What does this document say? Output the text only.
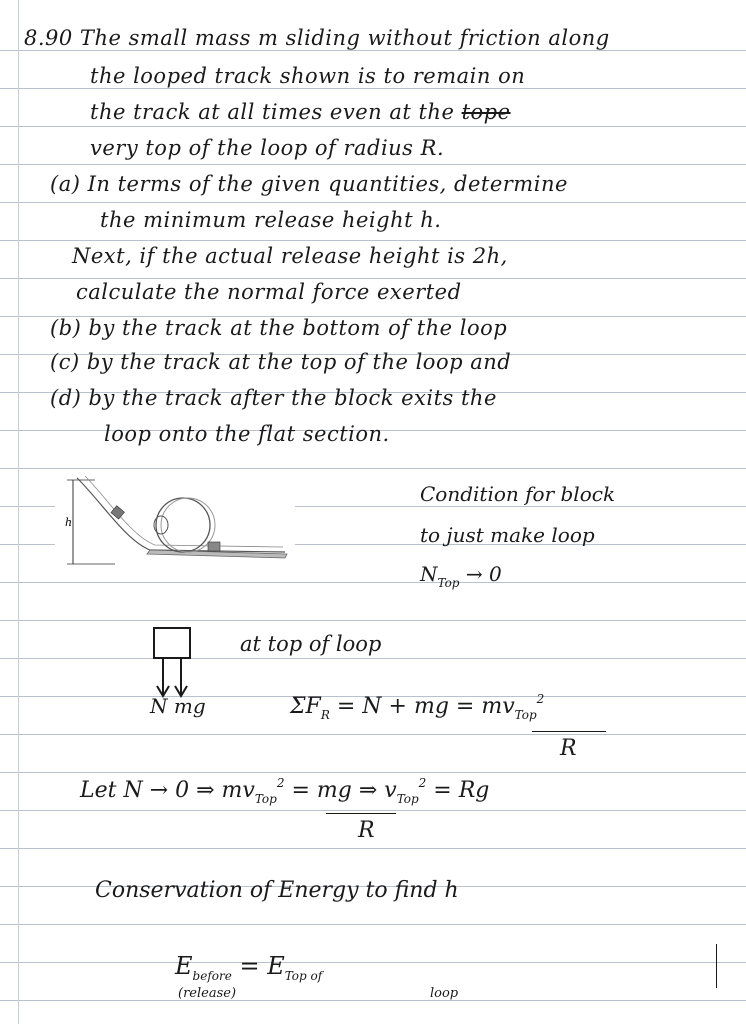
8.90 The small mass m sliding without friction along
the looped track shown is to remain on
the track at all times even at the tope
very top of the loop of radius R.
(a) In terms of the given quantities, determine
the minimum release height h.
Next, if the actual release height is 2h,
calculate the normal force exerted
(b) by the track at the bottom of the loop
(c) by the track at the top of the loop and
(d) by the track after the block exits the
loop onto the flat section.
h
Condition for block
to just make loop
$N_{Top} \to 0$
N mg
at top of loop
$\Sigma F_R = N$ + mg = $mv_{Top}^2$
R
Let N → 0 ⇒ $mv_{Top}^2$ = mg ⇒ $v_{Top}^2 = Rg$
R
Conservation of Energy to find h
$E_{before} = E_{Top of}$
(release)	loop
